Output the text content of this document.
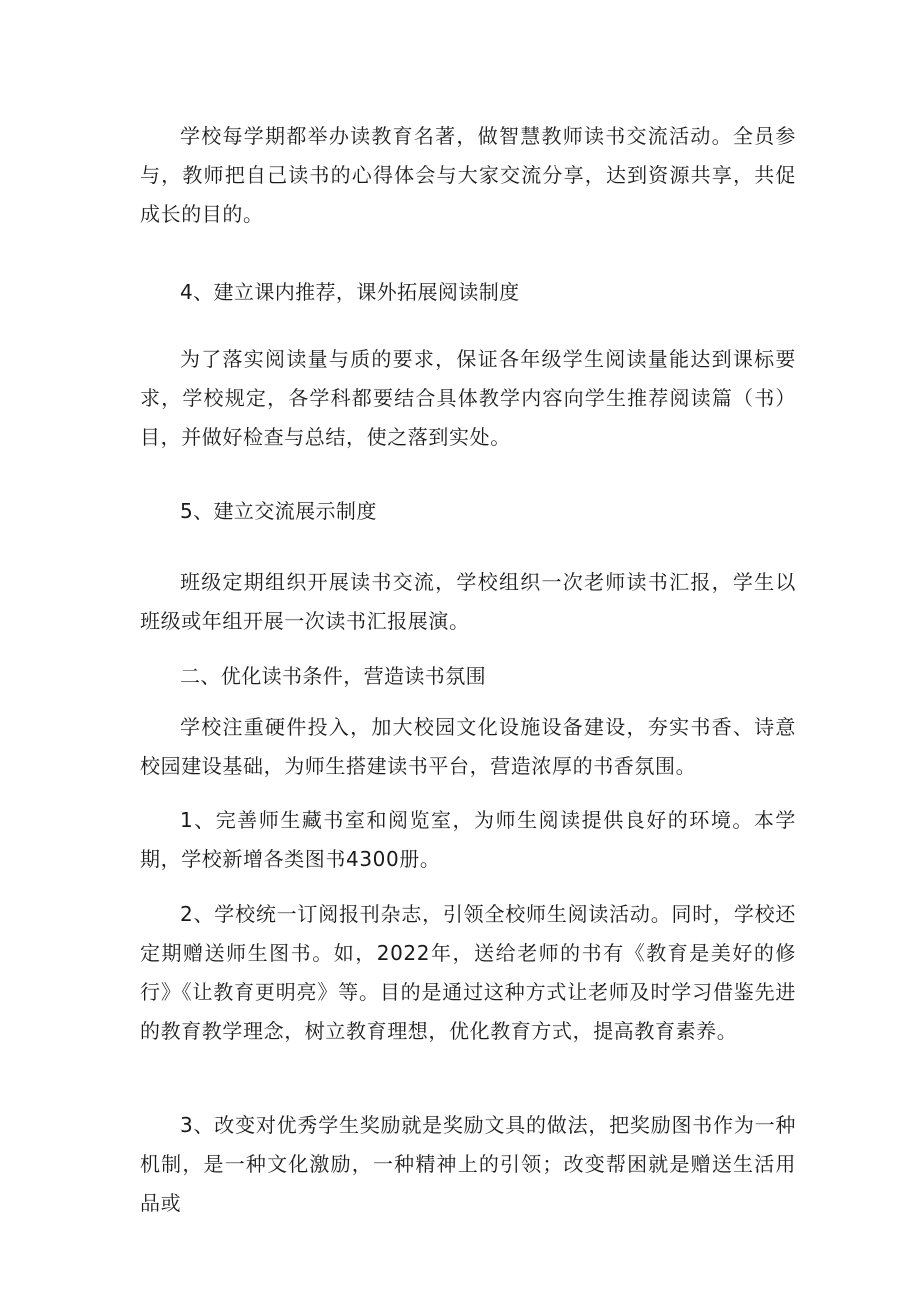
学校每学期都举办读教育名著，做智慧教师读书交流活动。全员参与，教师把自己读书的心得体会与大家交流分享，达到资源共享，共促成长的目的。

4、建立课内推荐，课外拓展阅读制度

为了落实阅读量与质的要求，保证各年级学生阅读量能达到课标要求，学校规定，各学科都要结合具体教学内容向学生推荐阅读篇（书）目，并做好检查与总结，使之落到实处。

5、建立交流展示制度

班级定期组织开展读书交流，学校组织一次老师读书汇报，学生以班级或年组开展一次读书汇报展演。

二、优化读书条件，营造读书氛围

学校注重硬件投入，加大校园文化设施设备建设，夯实书香、诗意校园建设基础，为师生搭建读书平台，营造浓厚的书香氛围。

1、完善师生藏书室和阅览室，为师生阅读提供良好的环境。本学期，学校新增各类图书4300册。

2、学校统一订阅报刊杂志，引领全校师生阅读活动。同时，学校还定期赠送师生图书。如，2022年，送给老师的书有《教育是美好的修行》《让教育更明亮》等。目的是通过这种方式让老师及时学习借鉴先进的教育教学理念，树立教育理想，优化教育方式，提高教育素养。

3、改变对优秀学生奖励就是奖励文具的做法，把奖励图书作为一种机制，是一种文化激励，一种精神上的引领；改变帮困就是赠送生活用品或
